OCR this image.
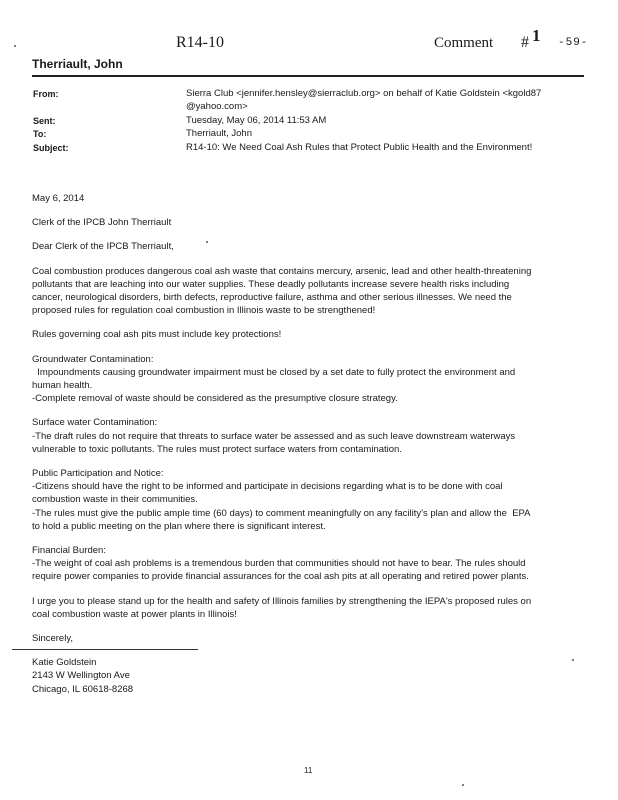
R14-10	Comment # 1 -59-
Therriault, John
From:	Sierra Club <jennifer.hensley@sierraclub.org> on behalf of Katie Goldstein <kgold87
@yahoo.com>
Sent:	Tuesday, May 06, 2014 11:53 AM
To:	Therriault, John
Subject:	R14-10: We Need Coal Ash Rules that Protect Public Health and the Environment!

May 6, 2014

Clerk of the IPCB John Therriault

Dear Clerk of the IPCB Therriault,

Coal combustion produces dangerous coal ash waste that contains mercury, arsenic, lead and other health-threatening
pollutants that are leaching into our water supplies. These deadly pollutants increase severe health risks including
cancer, neurological disorders, birth defects, reproductive failure, asthma and other serious illnesses. We need the
proposed rules for regulation coal combustion in Illinois waste to be strengthened!

Rules governing coal ash pits must include key protections!

Groundwater Contamination:
Impoundments causing groundwater impairment must be closed by a set date to fully protect the environment and
human health.
-Complete removal of waste should be considered as the presumptive closure strategy.
Surface water Contamination:
-The draft rules do not require that threats to surface water be assessed and as such leave downstream waterways
vulnerable to toxic pollutants. The rules must protect surface waters from contamination.
Public Participation and Notice:
-Citizens should have the right to be informed and participate in decisions regarding what is to be done with coal
combustion waste in their communities.
-The rules must give the public ample time (60 days) to comment meaningfully on any facility's plan and allow the  EPA
to hold a public meeting on the plan where there is significant interest.
Financial Burden:
-The weight of coal ash problems is a tremendous burden that communities should not have to bear. The rules should
require power companies to provide financial assurances for the coal ash pits at all operating and retired power plants.
I urge you to please stand up for the health and safety of Illinois families by strengthening the IEPA's proposed rules on
coal combustion waste at power plants in Illinois!

Sincerely,

Katie Goldstein
2143 W Wellington Ave
Chicago, IL 60618-8268
11
